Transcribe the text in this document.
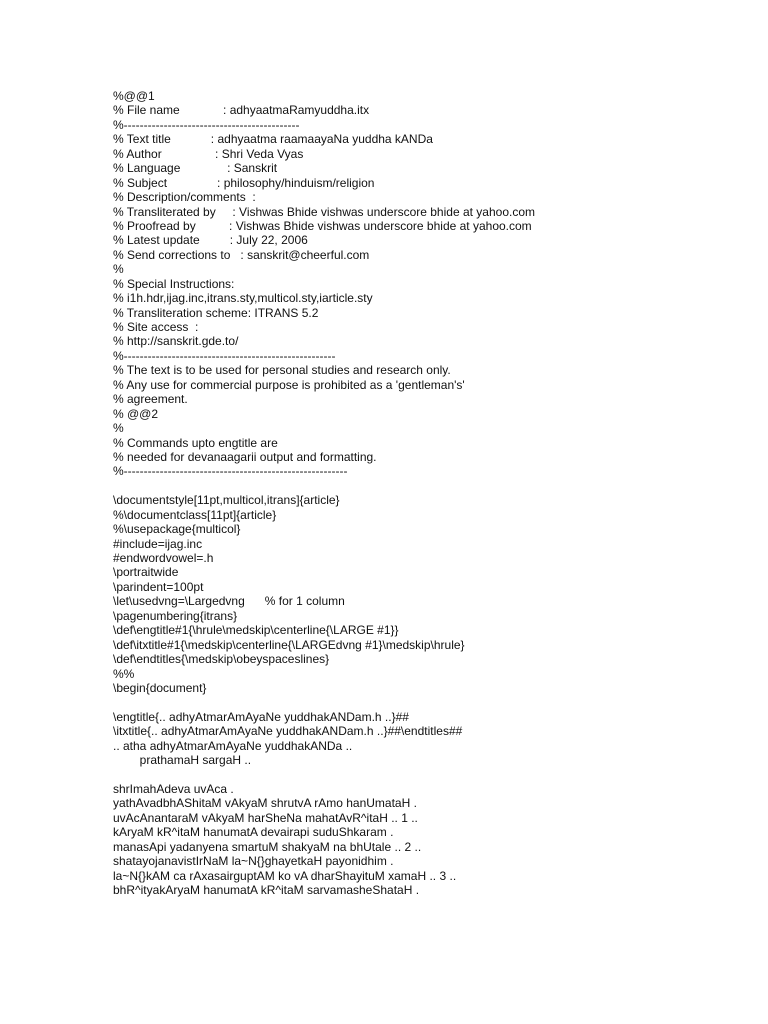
%@@1
% File name             : adhyaatmaRamyuddha.itx
%--------------------------------------------
% Text title            : adhyaatma raamaayaNa yuddha kANDa
% Author                : Shri Veda Vyas
% Language              : Sanskrit
% Subject               : philosophy/hinduism/religion
% Description/comments  :
% Transliterated by     : Vishwas Bhide vishwas underscore bhide at yahoo.com
% Proofread by          : Vishwas Bhide vishwas underscore bhide at yahoo.com
% Latest update         : July 22, 2006
% Send corrections to   : sanskrit@cheerful.com
%
% Special Instructions:
% i1h.hdr,ijag.inc,itrans.sty,multicol.sty,iarticle.sty
% Transliteration scheme: ITRANS 5.2
% Site access  :
% http://sanskrit.gde.to/
%-----------------------------------------------------
% The text is to be used for personal studies and research only.
% Any use for commercial purpose is prohibited as a 'gentleman's'
% agreement.
% @@2
%
% Commands upto engtitle are
% needed for devanaagarii output and formatting.
%--------------------------------------------------------
\documentstyle[11pt,multicol,itrans]{article}
%\documentclass[11pt]{article}
%\usepackage{multicol}
#include=ijag.inc
#endwordvowel=.h
\portraitwide
\parindent=100pt
\let\usedvng=\Largedvng      % for 1 column
\pagenumbering{itrans}
\def\engtitle#1{\hrule\medskip\centerline{\LARGE #1}}
\def\itxtitle#1{\medskip\centerline{\LARGEdvng #1}\medskip\hrule}
\def\endtitles{\medskip\obeyspaceslines}
%%
\begin{document}
\engtitle{.. adhyAtmarAmAyaNe yuddhakANDam.h ..}##
\itxtitle{.. adhyAtmarAmAyaNe yuddhakANDam.h ..}##\endtitles##
.. atha adhyAtmarAmAyaNe yuddhakANDa ..
prathamaH sargaH ..
shrImahAdeva uvAca .
yathAvadbhAShitaM vAkyaM shrutvA rAmo hanUmataH .
uvAcAnantaraM vAkyaM harSheNa mahatAvR^itaH .. 1 ..
kAryaM kR^itaM hanumatA devairapi suduShkaram .
manasApi yadanyena smartuM shakyaM na bhUtale .. 2 ..
shatayojanavistIrNaM la~N{}ghayetkaH payonidhim .
la~N{}kAM ca rAxasairguptAM ko vA dharShayituM xamaH .. 3 ..
bhR^ityakAryaM hanumatA kR^itaM sarvamasheShataH .
